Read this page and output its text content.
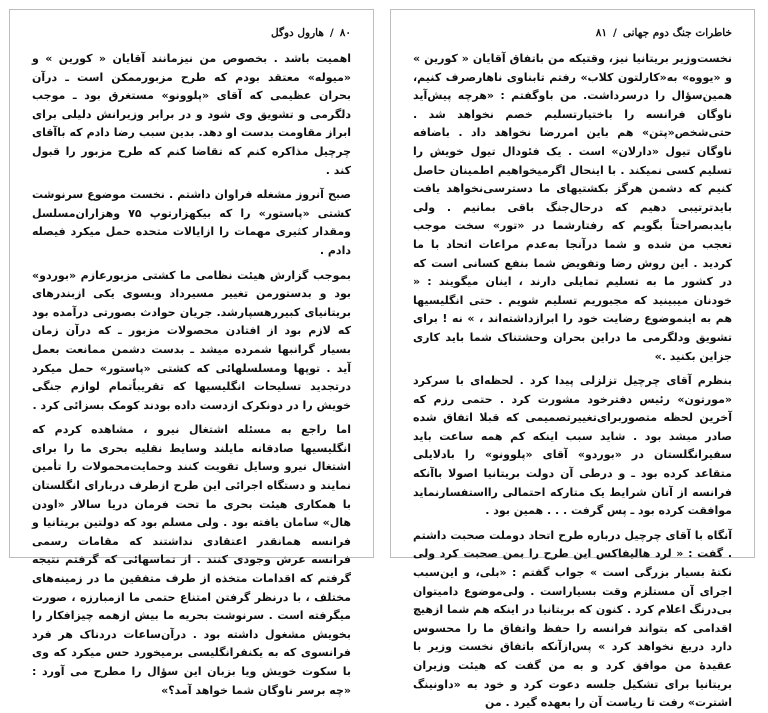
۸۰/هارول دوگل

اهمیت باشد . بخصوص من نیزمانند آقایان « کورین » و «میوله» معتقد بودم که طرح مزبورممکن است ـ درآن بحران عظیمی که آقای «پلوونو» مستغرق بود ـ موجب دلگرمی و تشویق وی شود و در برابر وزیرانش دلیلی برای ابراز مقاومت بدست او دهد. بدین سبب رضا دادم که باآقای چرچیل مذاکره کنم که تقاضا کنم که طرح مزبور را قبول کند .

صبح آنروز مشغله فراوان داشتم . نخست موضوع سرنوشت کشتی «پاستور» را که بیکهزارتوپ ۷۵ وهزاران‌مسلسل ومقدار کثیری مهمات را ازایالات متحده حمل میکرد فیصله دادم .

بموجب گزارش هیئت نظامی ما کشتی مزبورعازم «بوردو» بود و بدستورمن تغییر مسیرداد وبسوی یکی ازبندرهای بریتانیای کبیررهسپارشد. جریان حوادث بصورتی درآمده بود که لازم بود از افتادن محصولات مزبور ـ که درآن زمان بسیار گرانبها شمرده میشد ـ بدست دشمن ممانعت بعمل آید . توپها ومسلسلهائی که کشتی «پاستور» حمل میکرد درتجدید تسلیحات انگلیسیها که تقریباًتمام لوازم جنگی خویش را در دونکرک ازدست داده بودند کومک بسزائی کرد .

اما راجع به مسئله اشتغال نیرو ، مشاهده کردم که انگلیسیها صادقانه مایلند وسایط نقلیه بحری ما را برای اشتغال نیرو وسایل تقویت کنند وحمایت‌محمولات را تأمین نمایند و دستگاه اجرائی این طرح ازطرف دربارای انگلستان با همکاری هیئت بحری ما تحت فرمان دریا سالار «اودن هال» سامان یافته بود . ولی مسلم بود که دولتین بریتانیا و فرانسه همانقدر اعتقادی نداشتند که مقامات رسمی فرانسه عرش وجودی کنند . از تماسهائی که گرفتم نتیجه گرفتم که اقدامات متخذه از طرف متفقین ما در زمینه‌های مختلف ، با درنظر گرفتن امتناع حتمی ما ازمبارزه ، صورت میگرفته است . سرنوشت بحریه ما بیش ازهمه چیزافکار را بخویش مشغول داشته بود . درآن‌ساعات دردناک هر فرد فرانسوی که به یکنفرانگلیسی برمیخورد حس میکرد که وی با سکوت خویش ویا بزبان این سؤال را مطرح می آورد : «چه برسر ناوگان شما خواهد آمد؟»

خاطرات جنگ دوم جهانی/۸۱

نخست‌وزیر بریتانیا نیز، وقتیکه من باتفاق آقایان « کورین » و «یووه» به‌«کارلتون کلاب» رفتم تابناوی ناهارصرف کنیم، همین‌سؤال را درسرداشت. من باوگفتم : «هرچه پیش‌آید ناوگان فرانسه را باختیارتسلیم خصم نخواهد شد . حتی‌شخص«پتن» هم باین امررضا نخواهد داد . باضافه ناوگان تیول «دارلان» است . یک فئودال تیول خویش را تسلیم کسی نمیکند . با اینحال اگرمیخواهیم اطمینان حاصل کنیم که دشمن هرگز بکشتیهای ما دسترسی‌نخواهد یافت بایدترتیبی دهیم که درحال‌جنگ باقی بمانیم . ولی بایدبصراحتاً بگویم که رفتارشما در «تور» سخت موجب تعجب من شده و شما درآنجا به‌عدم مراعات اتحاد با ما کردید . این روش رضا وتفویض شما بنفع کسانی است که در کشور ما به تسلیم تمایلی دارند ، اینان میگویند : « خودنان میبینید که مجبوریم تسلیم شویم . حتی انگلیسیها هم به اینموضوع رضایت خود را ابرازداشته‌اند ، » نه ! برای تشویق ودلگرمی ما دراین بحران وحشتناک شما باید کاری جزاین بکنید .»

بنظرم آقای چرچیل تزلزلی پیدا کرد . لحظه‌ای با سرکرد «مورتون» رئیس دفترخود مشورت کرد . حتمی رزم که آخرین لحظه‌ متصوربرای‌تغییرتصمیمی که قبلا‌ اتفاق‌ شده صادر میشد بود . شاید سبب اینکه کم همه ساعت باید سفیرانگلستان در «بوردو» آقای «پلوونو» را بادلایلی متقاعد کرده بود ـ و درطی آن دولت بریتانیا اصولا باآنکه فرانسه از آنان شرایط یک متارکه احتمالی را‌استفسارنماید موافقت کرده بود ـ پس گرفت . . . همین بود .

آنگاه با آقای چرچیل درباره طرح اتحاد دوملت صحبت داشتم . گفت : « لرد هالیفاکس این طرح را بمن صحبت کرد ولی نکتهٔ بسیار بزرگی است » جواب گفتم : «بلی، و این‌سبب اجرای آن مستلزم وقت بسیاراست . ولی‌موضوع دامیتوان بی‌درنگ اعلام کرد . کنون‌ که‌ بریتانیا در اینکه هم ‌شما ازهیچ اقدامی که بتواند فرانسه را حفظ واتفاق ما را محسوس دارد دریغ نخواهد کرد » پس‌ازآنکه با‌تفاق نخست وزیر با عقیدهٔ من موافق کرد و به من گفت که هیئت وزیران بریتانیا برای تشکیل جلسه دعوت کرد و خود به «داونینگ اشترت» رفت تا ریاست آن را بعهده گیرد . من
